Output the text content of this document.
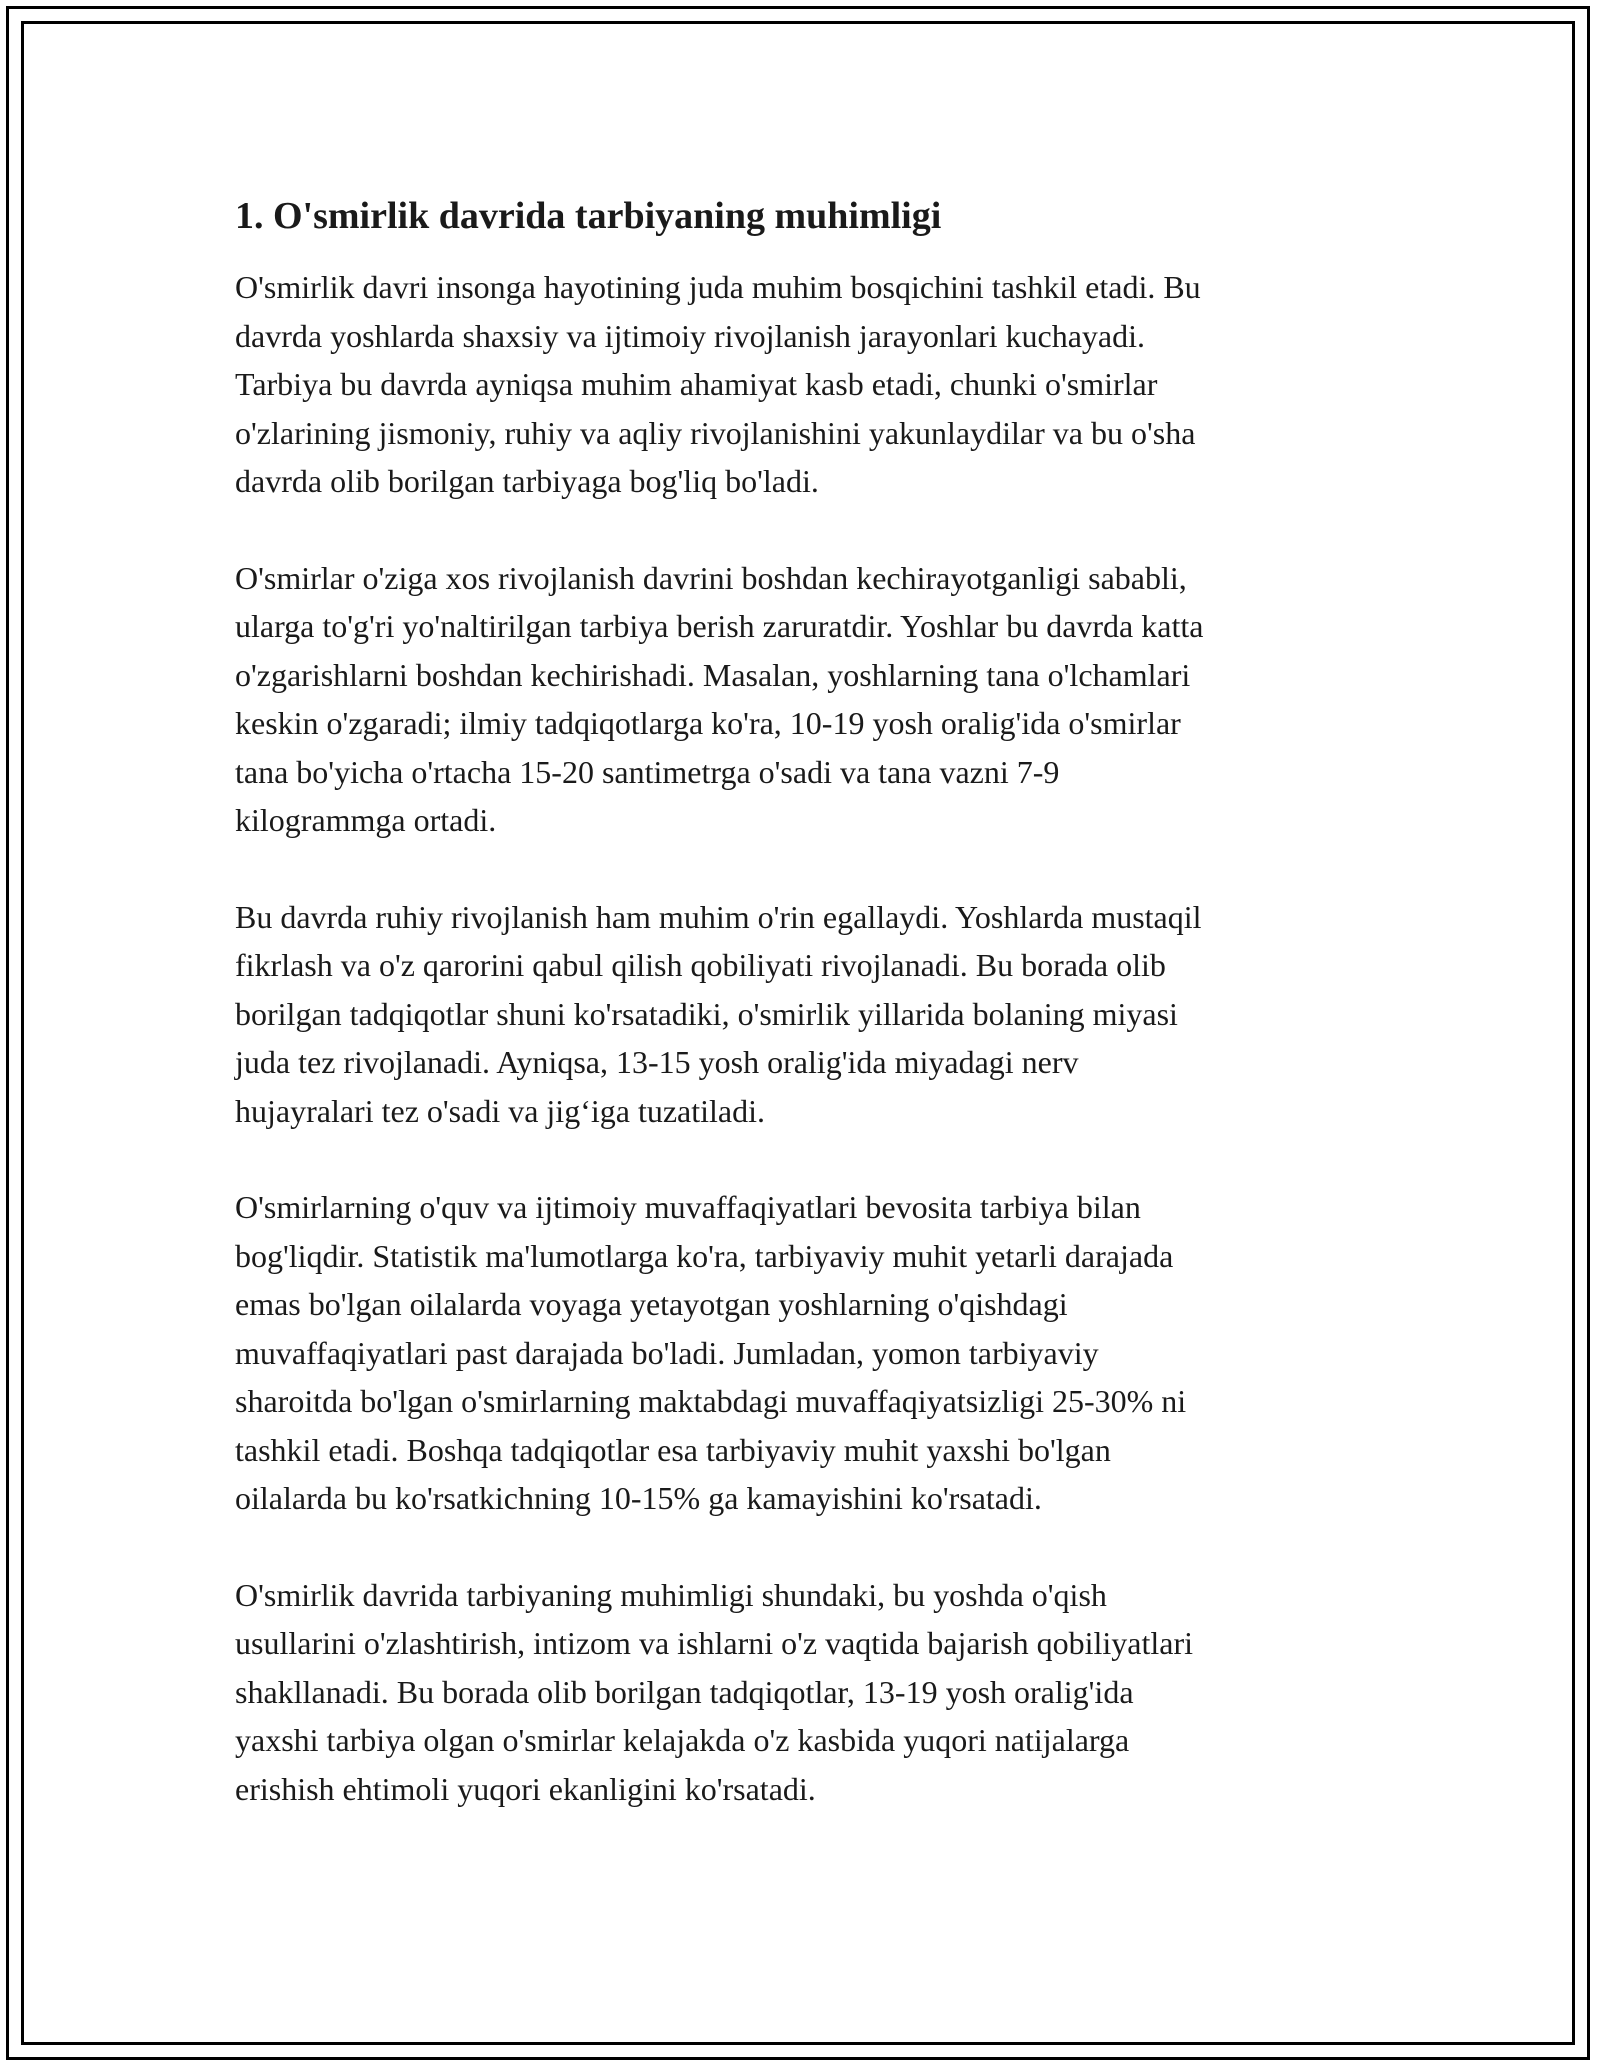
1. O'smirlik davrida tarbiyaning muhimligi

O'smirlik davri insonga hayotining juda muhim bosqichini tashkil etadi. Bu
davrda yoshlarda shaxsiy va ijtimoiy rivojlanish jarayonlari kuchayadi.
Tarbiya bu davrda ayniqsa muhim ahamiyat kasb etadi, chunki o'smirlar
o'zlarining jismoniy, ruhiy va aqliy rivojlanishini yakunlaydilar va bu o'sha
davrda olib borilgan tarbiyaga bog'liq bo'ladi.

O'smirlar o'ziga xos rivojlanish davrini boshdan kechirayotganligi sababli,
ularga to'g'ri yo'naltirilgan tarbiya berish zaruratdir. Yoshlar bu davrda katta
o'zgarishlarni boshdan kechirishadi. Masalan, yoshlarning tana o'lchamlari
keskin o'zgaradi; ilmiy tadqiqotlarga ko'ra, 10-19 yosh oralig'ida o'smirlar
tana bo'yicha o'rtacha 15-20 santimetrga o'sadi va tana vazni 7-9
kilogrammga ortadi.

Bu davrda ruhiy rivojlanish ham muhim o'rin egallaydi. Yoshlarda mustaqil
fikrlash va o'z qarorini qabul qilish qobiliyati rivojlanadi. Bu borada olib
borilgan tadqiqotlar shuni ko'rsatadiki, o'smirlik yillarida bolaning miyasi
juda tez rivojlanadi. Ayniqsa, 13-15 yosh oralig'ida miyadagi nerv
hujayralari tez o'sadi va jig‘iga tuzatiladi.

O'smirlarning o'quv va ijtimoiy muvaffaqiyatlari bevosita tarbiya bilan
bog'liqdir. Statistik ma'lumotlarga ko'ra, tarbiyaviy muhit yetarli darajada
emas bo'lgan oilalarda voyaga yetayotgan yoshlarning o'qishdagi
muvaffaqiyatlari past darajada bo'ladi. Jumladan, yomon tarbiyaviy
sharoitda bo'lgan o'smirlarning maktabdagi muvaffaqiyatsizligi 25-30% ni
tashkil etadi. Boshqa tadqiqotlar esa tarbiyaviy muhit yaxshi bo'lgan
oilalarda bu ko'rsatkichning 10-15% ga kamayishini ko'rsatadi.

O'smirlik davrida tarbiyaning muhimligi shundaki, bu yoshda o'qish
usullarini o'zlashtirish, intizom va ishlarni o'z vaqtida bajarish qobiliyatlari
shakllanadi. Bu borada olib borilgan tadqiqotlar, 13-19 yosh oralig'ida
yaxshi tarbiya olgan o'smirlar kelajakda o'z kasbida yuqori natijalarga
erishish ehtimoli yuqori ekanligini ko'rsatadi.
